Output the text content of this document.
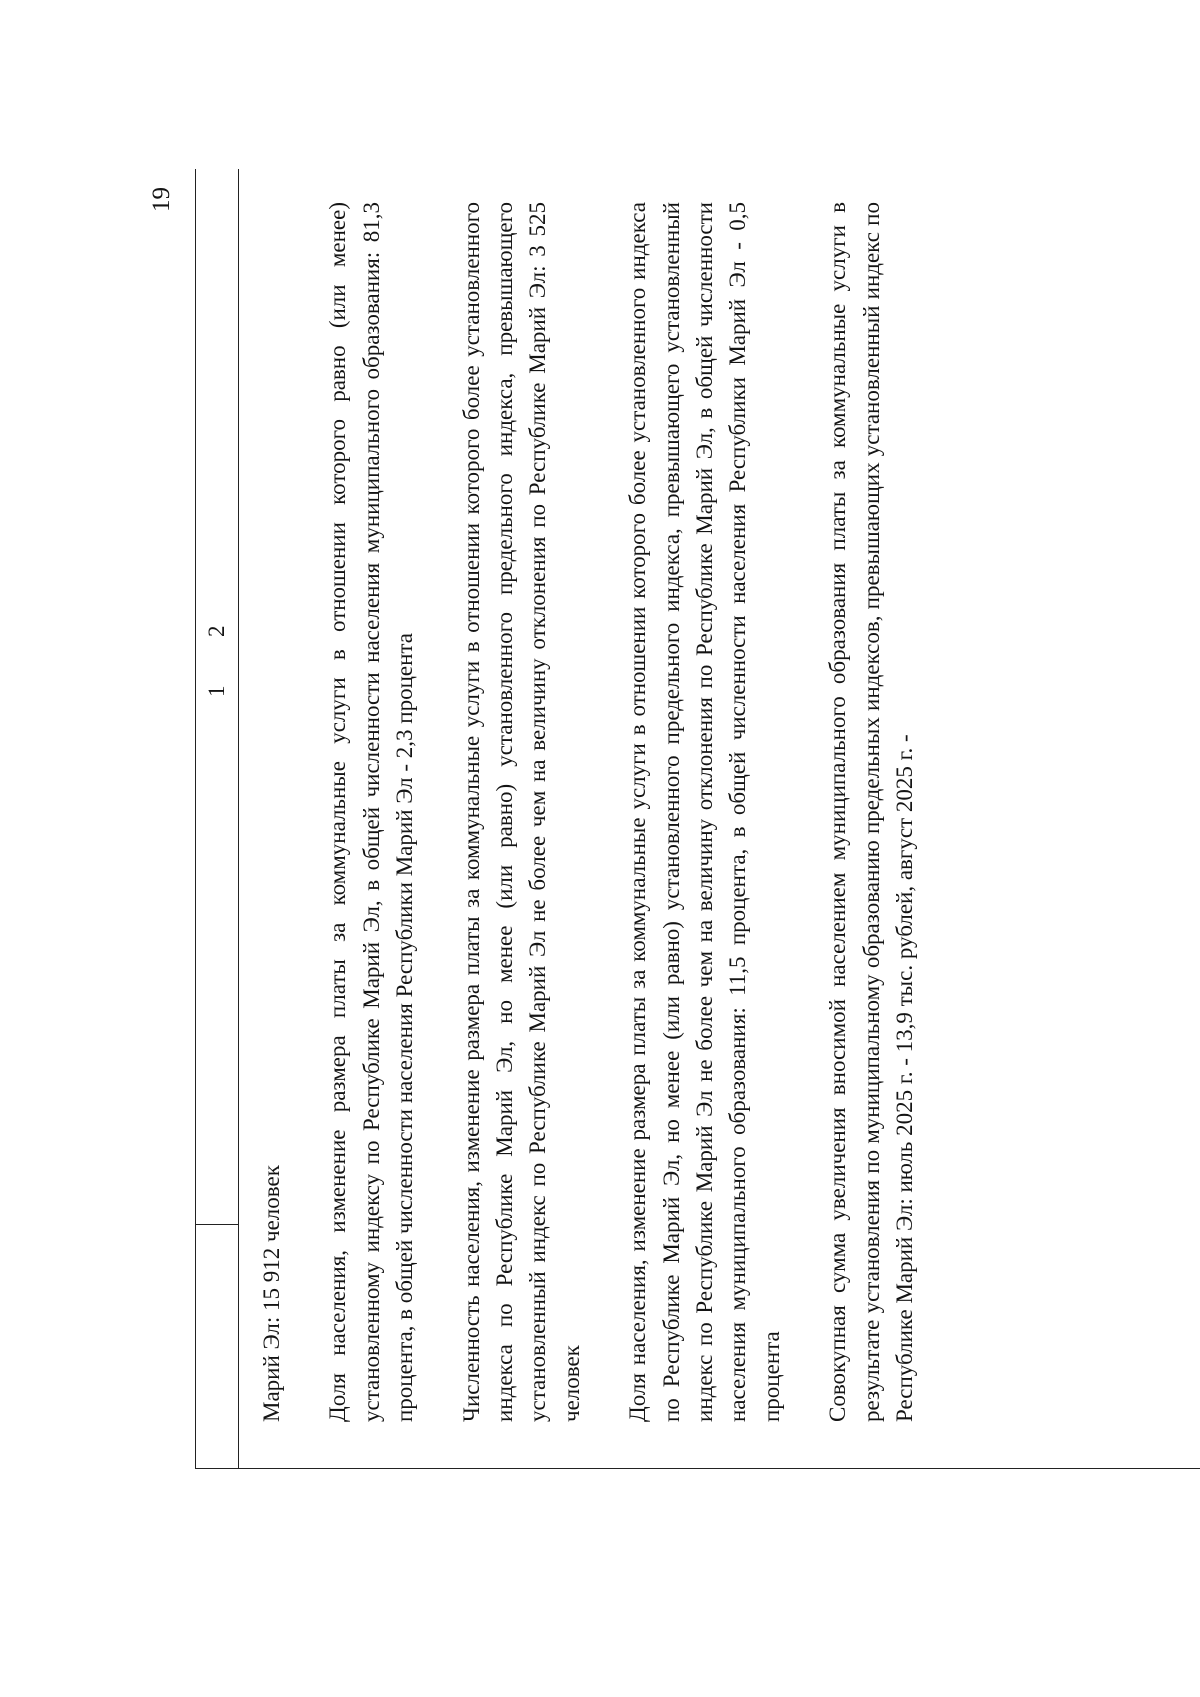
19
1
2
Марий Эл: 15 912 человек Доля населения, изменение размера платы за коммунальные услуги в отношении которого равно (или менее) установленному индексу по Республике Марий Эл, в общей численности населения муниципального образования: 81,3 процента, в общей численности населения Республики Марий Эл - 2,3 процента Численность населения, изменение размера платы за коммунальные услуги в отношении которого более установленного индекса по Республике Марий Эл, но менее (или равно) установленного предельного индекса, превышающего установленный индекс по Республике Марий Эл не более чем на величину отклонения по Республике Марий Эл: 3 525 человек Доля населения, изменение размера платы за коммунальные услуги в отношении которого более установленного индекса по Республике Марий Эл, но менее (или равно) установленного предельного индекса, превышающего установленный индекс по Республике Марий Эл не более чем на величину отклонения по Республике Марий Эл, в общей численности населения муниципального образования: 11,5 процента, в общей численности населения Республики Марий Эл - 0,5 процента Совокупная сумма увеличения вносимой населением муниципального образования платы за коммунальные услуги в результате установления по муниципальному образованию предельных индексов, превышающих установленный индекс по Республике Марий Эл: июль 2025 г. - 13,9 тыс. рублей, август 2025 г. -
